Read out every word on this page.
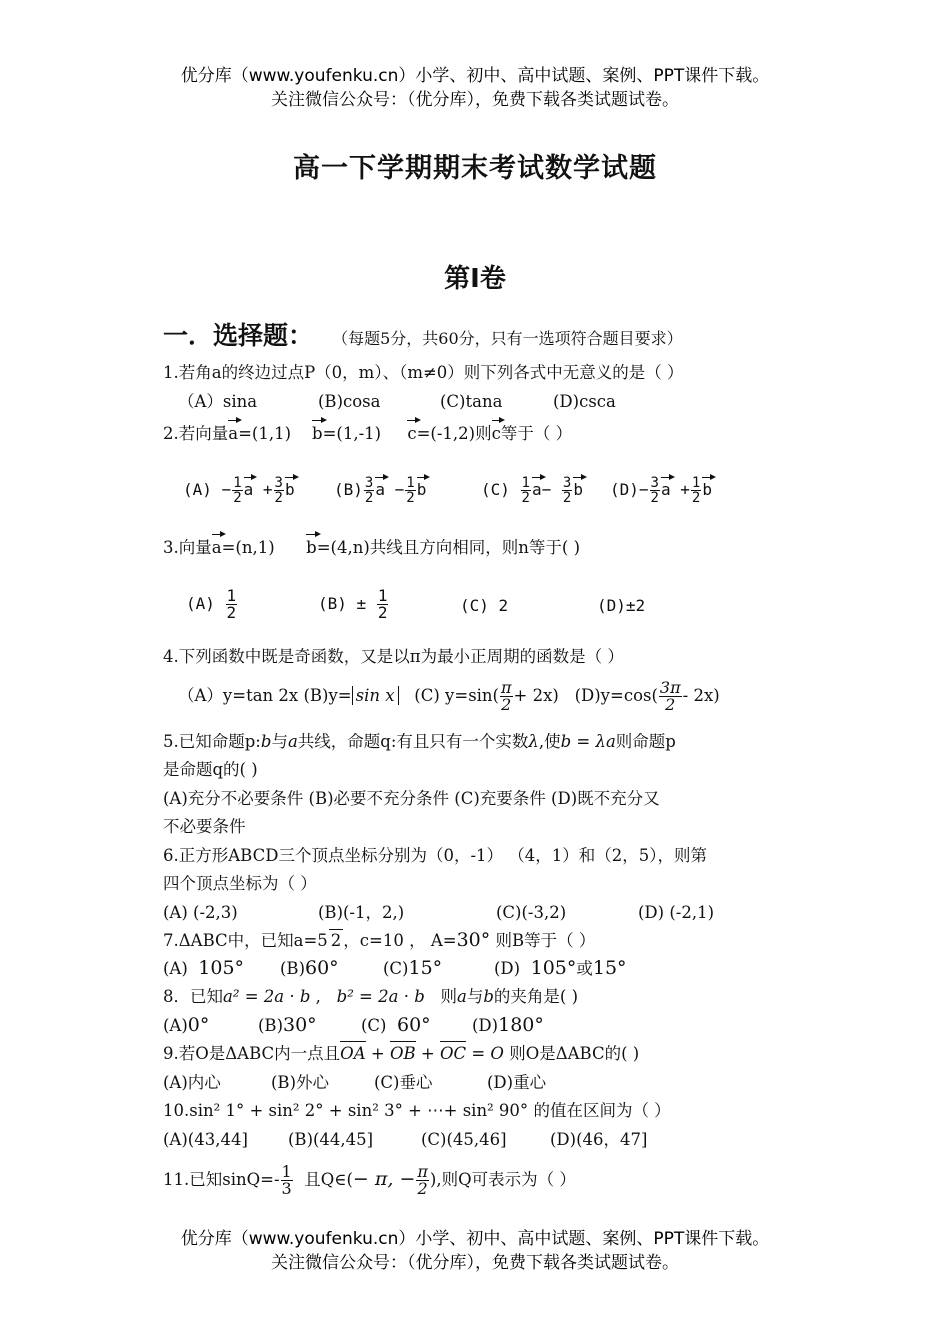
优分库（www.youfenku.cn）小学、初中、高中试题、案例、PPT课件下载。
关注微信公众号：（优分库），免费下载各类试题试卷。
高一下学期期末考试数学试题
第I卷
一．选择题： （每题5分，共60分，只有一选项符合题目要求）
1.若角a的终边过点P（0，m）、（m≠0）则下列各式中无意义的是（ ）
（A）sina	(B)cosa	(C)tana	(D)csca
2.若向量a=(1,1) b=(1,-1) c=(-1,2)则c等于（ ）
$(A) - \frac{1}{2}$ $a + \frac{3}{2}$ b $(B) \frac{3}{2}$ $a - \frac{1}{2}$ b	$(C) \frac{1}{2} a- \frac{3}{2}$ b $(D)- \frac{3}{2}$ $a + \frac{1}{2}$ b
3.向量a=(n,1) b=(4,n)共线且方向相同，则n等于( )
$(A) \frac{1}{2}$	$(B) \pm \frac{1}{2}$	(C) 2	(D)±2
4.下列函数中既是奇函数，又是以π为最小正周期的函数是（ ）
（A）y=tan 2x (B)y= sin x (C) $y=\sin( \frac{\pi}{2} + 2x)$ $(D)y=\cos( \frac{3\pi}{2} - 2x)$
5.已知命题p:b与a共线，命题q:有且只有一个实数λ,使b = λa则命题p
是命题q的( )
(A)充分不必要条件 (B)必要不充分条件 (C)充要条件 (D)既不充分又
不必要条件
6.正方形ABCD三个顶点坐标分别为（0，-1） （4，1）和（2，5），则第
四个顶点坐标为（ ）
(A) (-2,3)	(B)(-1，2,)	(C)(-3,2)	(D) (-2,1)
7.ΔABC中，已知a=5 2 ，c=10 ， A=30° 则B等于（ ）
(A) 105° (B)60°	(C)15°	(D) 105°或15°
8．已知a² = 2a · b ,   b² = 2a · b 则a与b的夹角是( )
(A)0°	(B)30°	(C) 60°	(D)180°
9.若O是ΔABC内一点且OA + OB + OC = O 则O是ΔABC的( )
(A)内心	(B)外心	(C)垂心	(D)重心
10.sin² 1° + sin² 2° + sin² 3° + ⋯+ sin² 90° 的值在区间为（ ）
(A)(43,44] (B)(44,45]	(C)(45,46]	(D)(46，47]
11.已知$\sin Q=- \frac{1}{3}$ 且Q∈(− π, − $\frac{\pi}{2}$ ),则Q可表示为（ ）
优分库（www.youfenku.cn）小学、初中、高中试题、案例、PPT课件下载。
关注微信公众号：（优分库），免费下载各类试题试卷。
